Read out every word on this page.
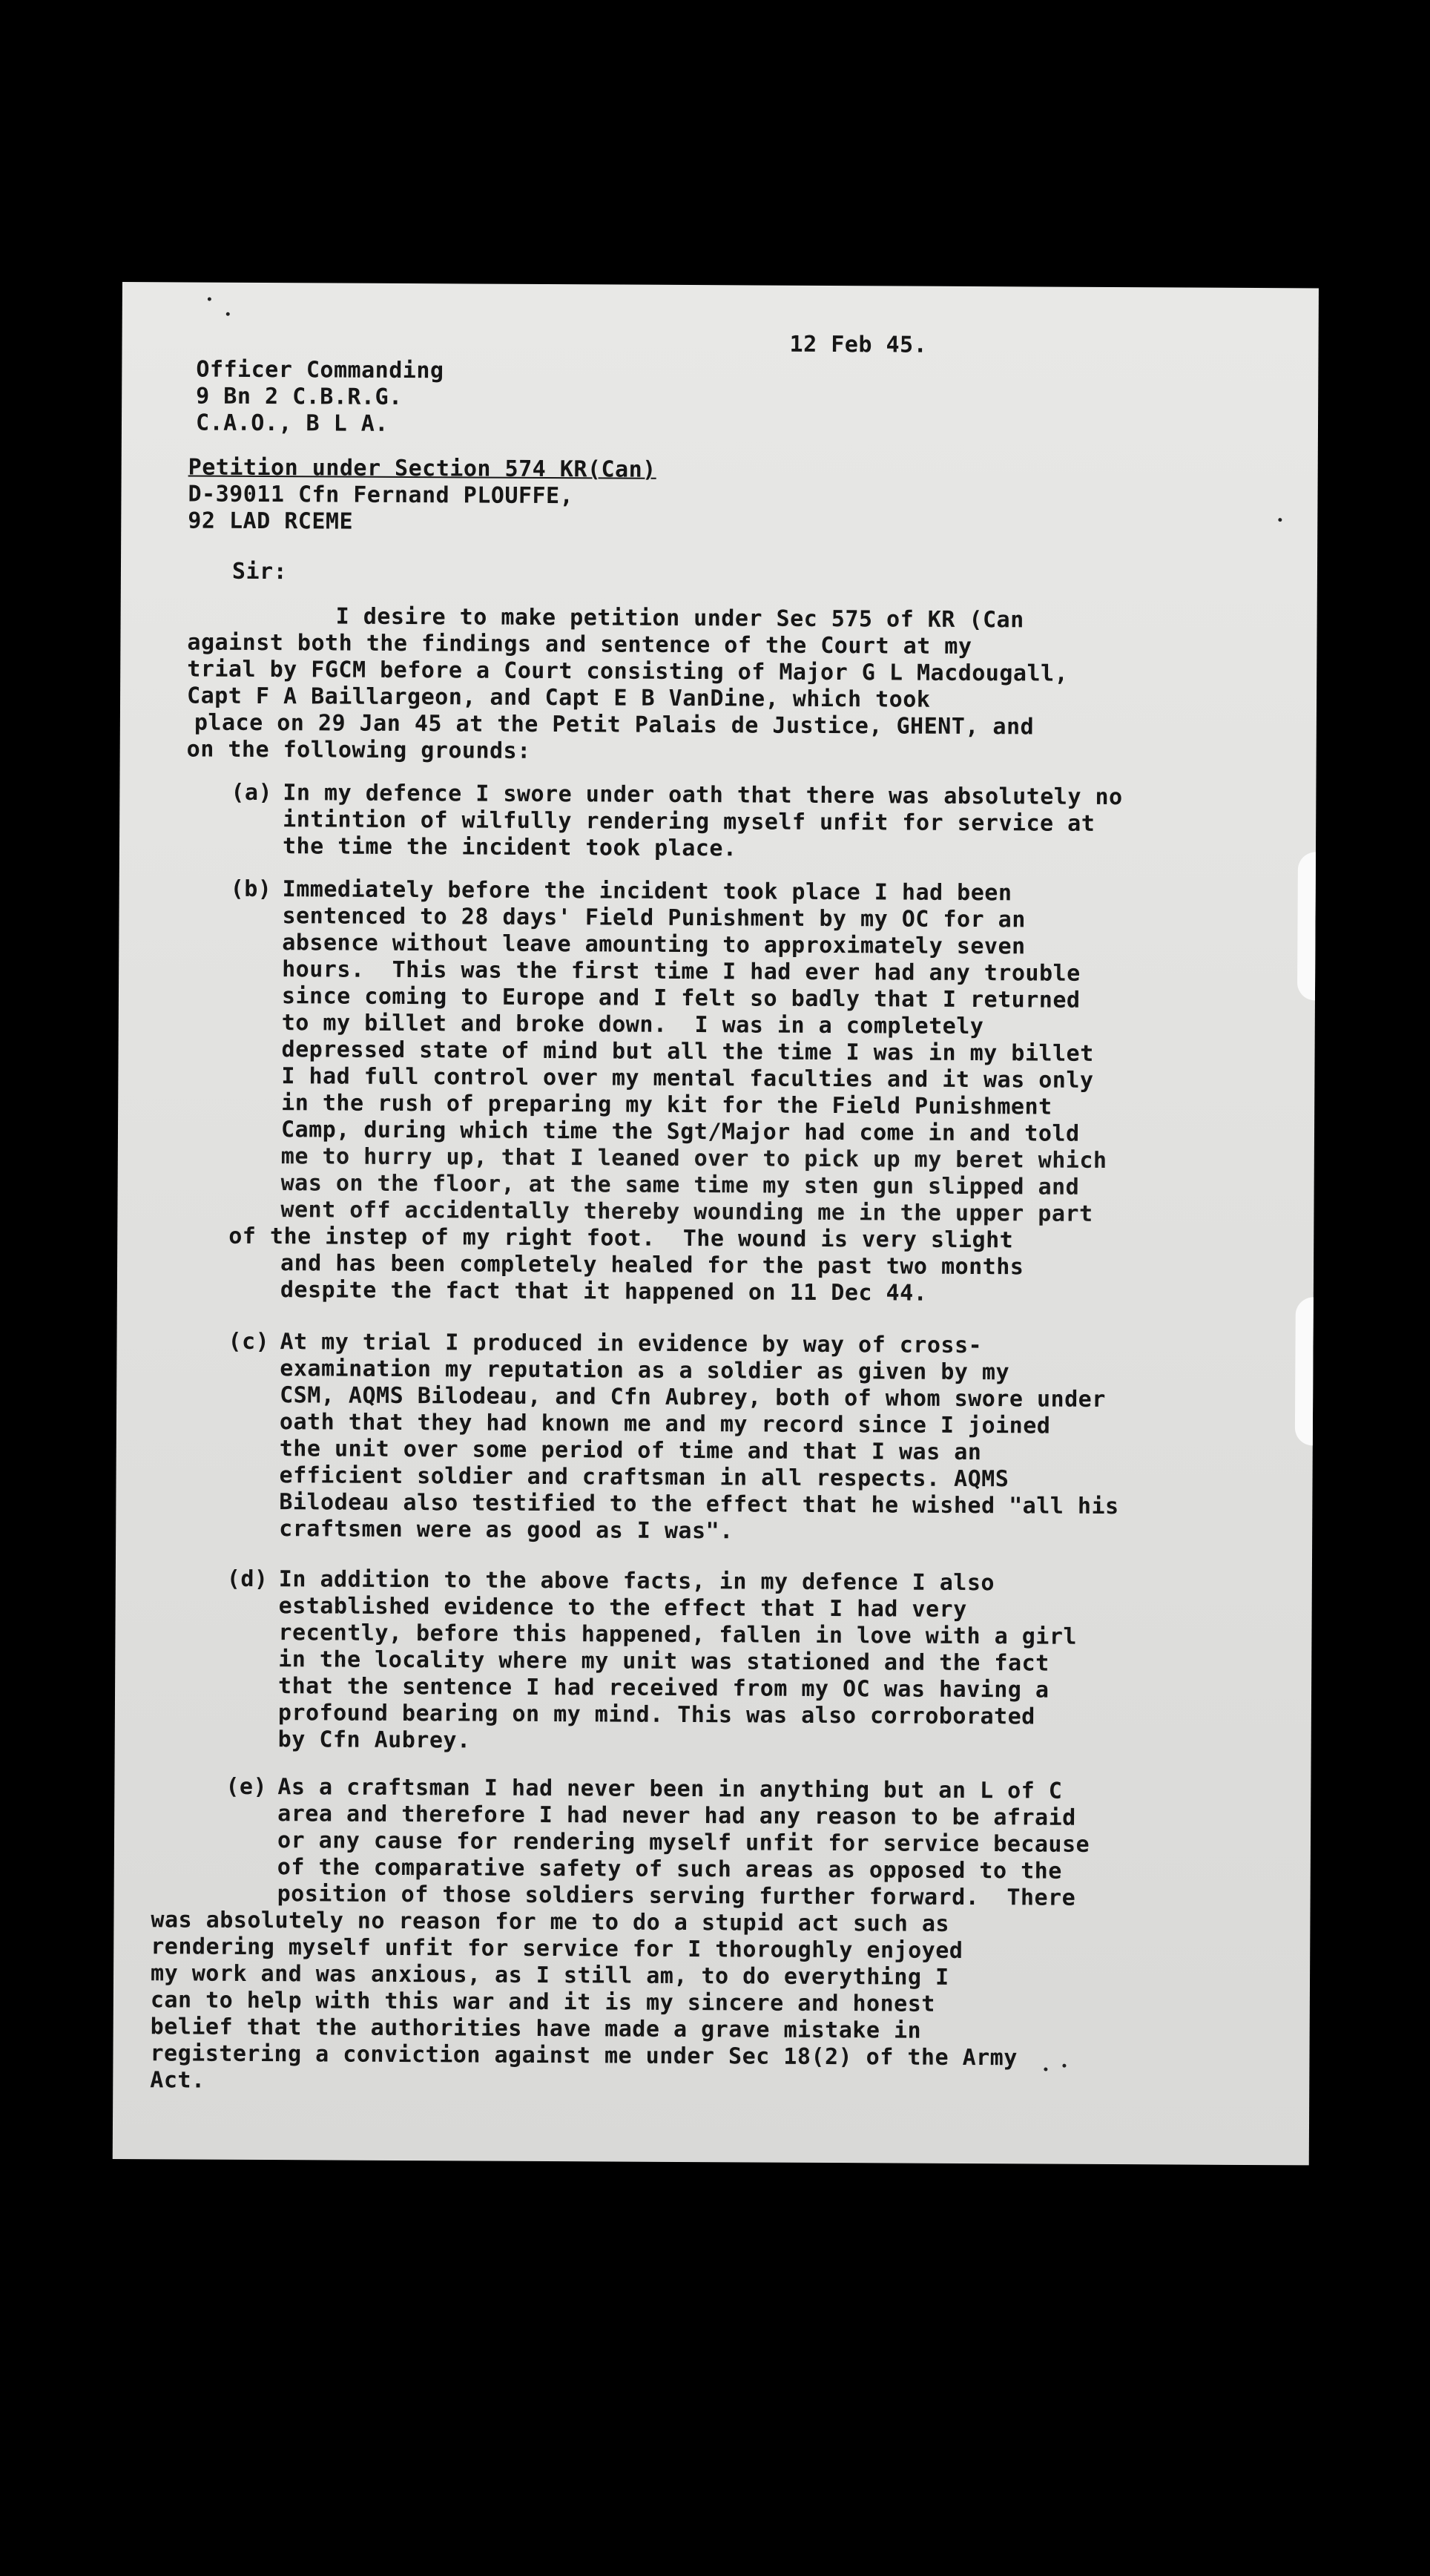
12 Feb 45.
Officer Commanding
9 Bn 2 C.B.R.G.
C.A.O., B L A.
Petition under Section 574 KR(Can)
D-39011 Cfn Fernand PLOUFFE,
92 LAD RCEME
Sir:
I desire to make petition under Sec 575 of KR (Can
against both the findings and sentence of the Court at my
trial by FGCM before a Court consisting of Major G L Macdougall,
Capt F A Baillargeon, and Capt E B VanDine, which took
place on 29 Jan 45 at the Petit Palais de Justice, GHENT, and
on the following grounds:
(a) In my defence I swore under oath that there was absolutely no
intintion of wilfully rendering myself unfit for service at
the time the incident took place.
(b) Immediately before the incident took place I had been
sentenced to 28 days' Field Punishment by my OC for an
absence without leave amounting to approximately seven
hours.  This was the first time I had ever had any trouble
since coming to Europe and I felt so badly that I returned
to my billet and broke down.  I was in a completely
depressed state of mind but all the time I was in my billet
I had full control over my mental faculties and it was only
in the rush of preparing my kit for the Field Punishment
Camp, during which time the Sgt/Major had come in and told
me to hurry up, that I leaned over to pick up my beret which
was on the floor, at the same time my sten gun slipped and
went off accidentally thereby wounding me in the upper part
of the instep of my right foot.  The wound is very slight
and has been completely healed for the past two months
despite the fact that it happened on 11 Dec 44.
(c) At my trial I produced in evidence by way of cross-
examination my reputation as a soldier as given by my
CSM, AQMS Bilodeau, and Cfn Aubrey, both of whom swore under
oath that they had known me and my record since I joined
the unit over some period of time and that I was an
efficient soldier and craftsman in all respects. AQMS
Bilodeau also testified to the effect that he wished "all his
craftsmen were as good as I was".
(d) In addition to the above facts, in my defence I also
established evidence to the effect that I had very
recently, before this happened, fallen in love with a girl
in the locality where my unit was stationed and the fact
that the sentence I had received from my OC was having a
profound bearing on my mind. This was also corroborated
by Cfn Aubrey.
(e) As a craftsman I had never been in anything but an L of C
area and therefore I had never had any reason to be afraid
or any cause for rendering myself unfit for service because
of the comparative safety of such areas as opposed to the
position of those soldiers serving further forward.  There
was absolutely no reason for me to do a stupid act such as
rendering myself unfit for service for I thoroughly enjoyed
my work and was anxious, as I still am, to do everything I
can to help with this war and it is my sincere and honest
belief that the authorities have made a grave mistake in
registering a conviction against me under Sec 18(2) of the Army
Act.
